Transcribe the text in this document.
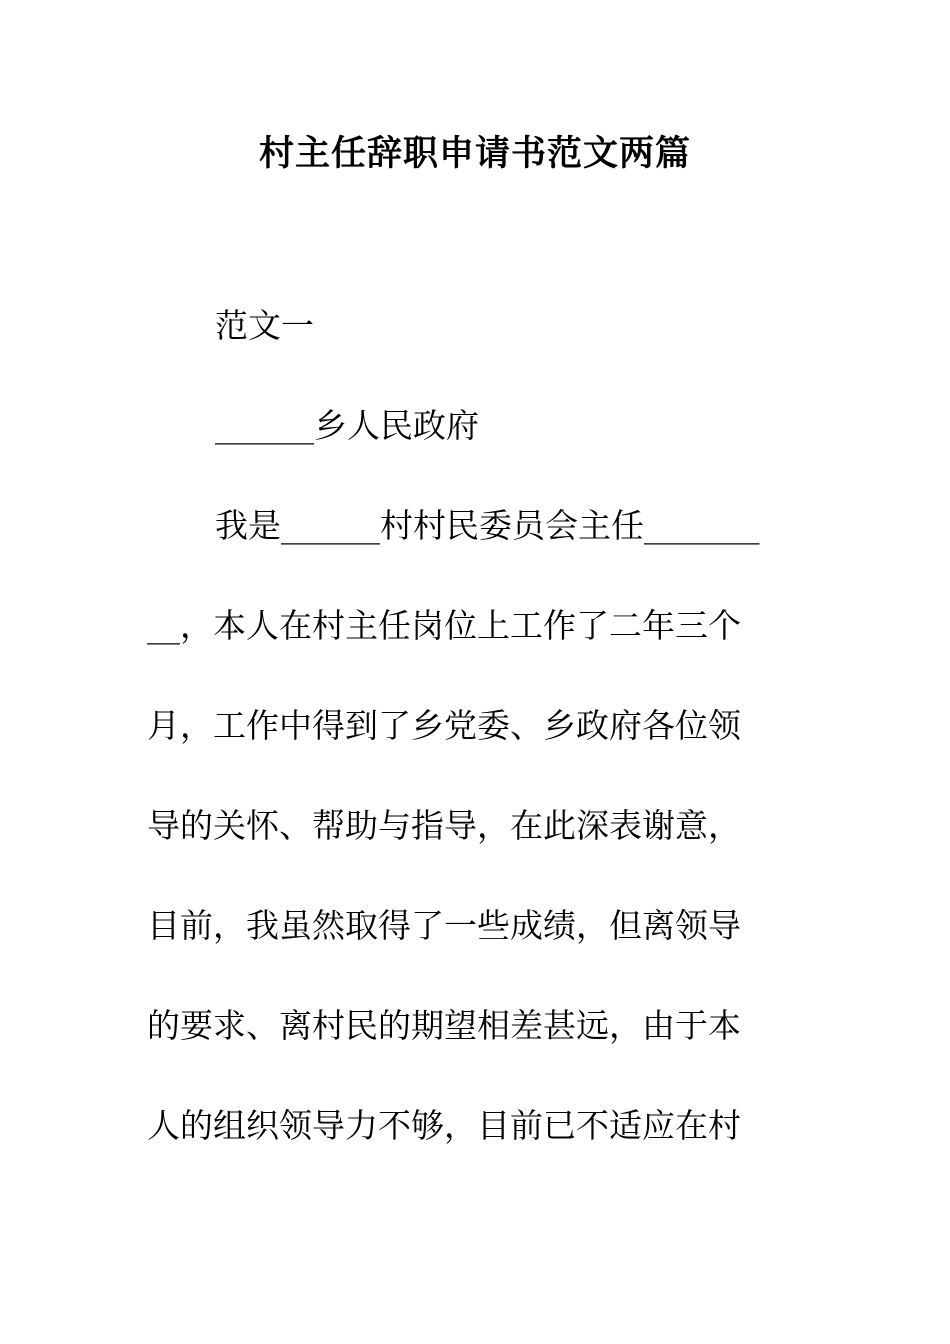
村主任辞职申请书范文两篇
范文一
______乡人民政府
我是______村村民委员会主任_______
__，本人在村主任岗位上工作了二年三个
月，工作中得到了乡党委、乡政府各位领
导的关怀、帮助与指导，在此深表谢意，
目前，我虽然取得了一些成绩，但离领导
的要求、离村民的期望相差甚远，由于本
人的组织领导力不够，目前已不适应在村
